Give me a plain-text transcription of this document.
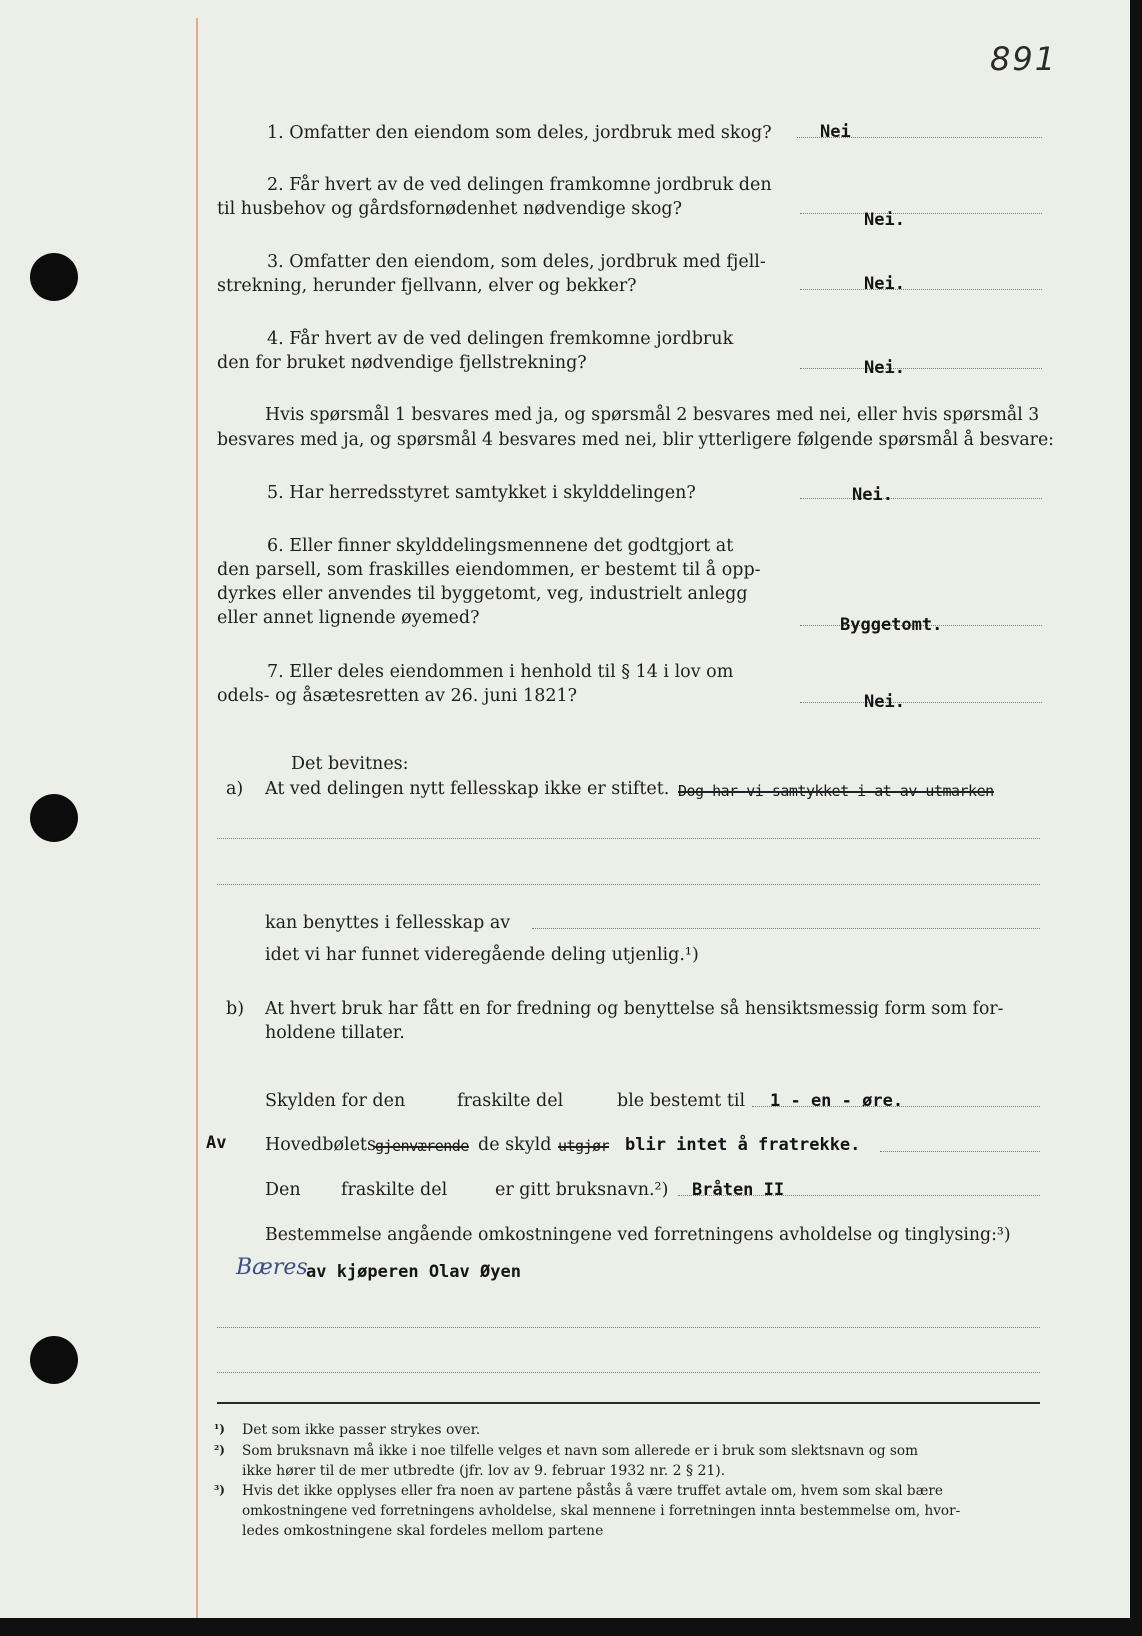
891
1. Omfatter den eiendom som deles, jordbruk med skog?	Nei
2. Får hvert av de ved delingen framkomne jordbruk den
til husbehov og gårdsfornødenhet nødvendige skog?
Nei.
3. Omfatter den eiendom, som deles, jordbruk med fjell-
strekning, herunder fjellvann, elver og bekker?	Nei.
4. Får hvert av de ved delingen fremkomne jordbruk
den for bruket nødvendige fjellstrekning?	Nei.
Hvis spørsmål 1 besvares med ja, og spørsmål 2 besvares med nei, eller hvis spørsmål 3
besvares med ja, og spørsmål 4 besvares med nei, blir ytterligere følgende spørsmål å besvare:
5. Har herredsstyret samtykket i skylddelingen?	Nei.
6. Eller finner skylddelingsmennene det godtgjort at
den parsell, som fraskilles eiendommen, er bestemt til å opp-
dyrkes eller anvendes til byggetomt, veg, industrielt anlegg
eller annet lignende øyemed?	Byggetomt.
7. Eller deles eiendommen i henhold til § 14 i lov om
odels- og åsætesretten av 26. juni 1821?	Nei.
Det bevitnes:
a) At ved delingen nytt fellesskap ikke er stiftet. Dog har vi samtykket i at av utmarken
kan benyttes i fellesskap av
idet vi har funnet videregående deling utjenlig.¹)
b) At hvert bruk har fått en for fredning og benyttelse så hensiktsmessig form som for-
holdene tillater.
Skylden for den	fraskilte del	ble bestemt til 1 - en - øre.
Av Hovedbølets gjenværende de skyld utgjør blir intet å fratrekke.
Den fraskilte del	er gitt bruksnavn.²) Bråten II
Bestemmelse angående omkostningene ved forretningens avholdelse og tinglysing:³)
Bæres
av kjøperen Olav Øyen
¹) Det som ikke passer strykes over.
²) Som bruksnavn må ikke i noe tilfelle velges et navn som allerede er i bruk som slektsnavn og som
ikke hører til de mer utbredte (jfr. lov av 9. februar 1932 nr. 2 § 21).
³) Hvis det ikke opplyses eller fra noen av partene påstås å være truffet avtale om, hvem som skal bære
omkostningene ved forretningens avholdelse, skal mennene i forretningen innta bestemmelse om, hvor-
ledes omkostningene skal fordeles mellom partene
